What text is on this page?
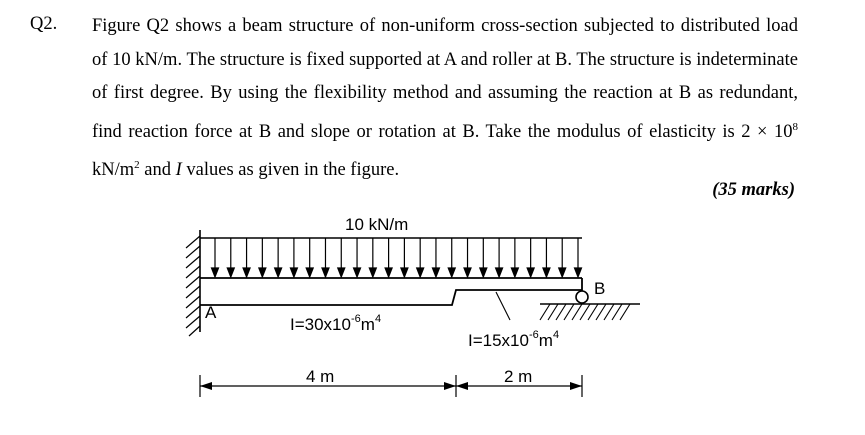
Q2. Figure Q2 shows a beam structure of non-uniform cross-section subjected to distributed load of 10 kN/m. The structure is fixed supported at A and roller at B. The structure is indeterminate of first degree. By using the flexibility method and assuming the reaction at B as redundant, find reaction force at B and slope or rotation at B. Take the modulus of elasticity is $2 \times 10^8$ $kN/m^2$ and I values as given in the figure.
(35 marks)
10 kN/m
A
B
$I=30x10^{-6}m^4$
$I=15x10^{-6}m^4$
4 m	2 m
